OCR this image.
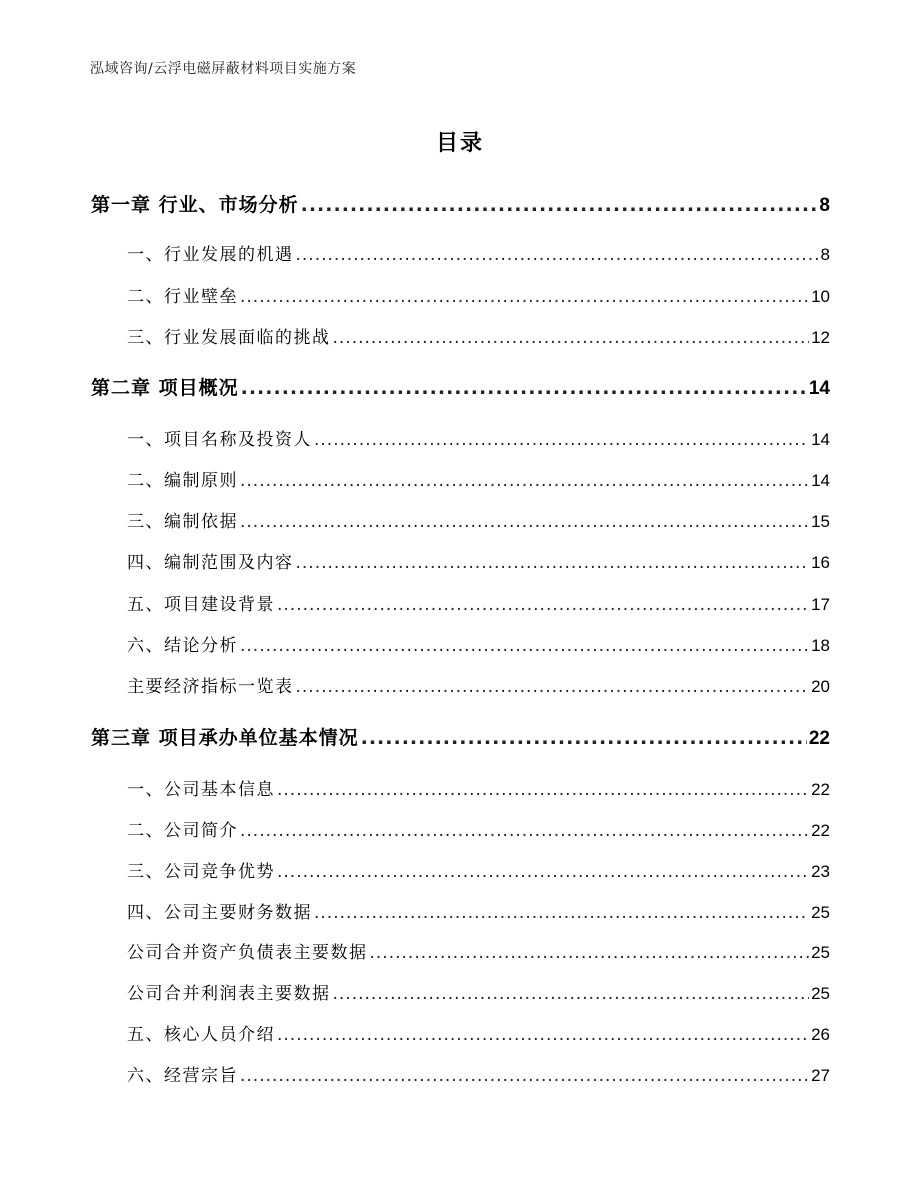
泓域咨询/云浮电磁屏蔽材料项目实施方案
目录
第一章 行业、市场分析 .....	8
一、 行业发展的机遇 .....	8
二、 行业壁垒 .....	10
三、 行业发展面临的挑战 .....	12
第二章 项目概况 .....	14
一、 项目名称及投资人 .....	14
二、 编制原则 .....	14
三、 编制依据 .....	15
四、 编制范围及内容 .....	16
五、 项目建设背景 .....	17
六、 结论分析 .....	18
主要经济指标一览表 .....	20
第三章 项目承办单位基本情况 .....	22
一、 公司基本信息 .....	22
二、 公司简介 .....	22
三、 公司竞争优势 .....	23
四、 公司主要财务数据 .....	25
公司合并资产负债表主要数据 .....	25
公司合并利润表主要数据 .....	25
五、 核心人员介绍 .....	26
六、 经营宗旨 .....	27
